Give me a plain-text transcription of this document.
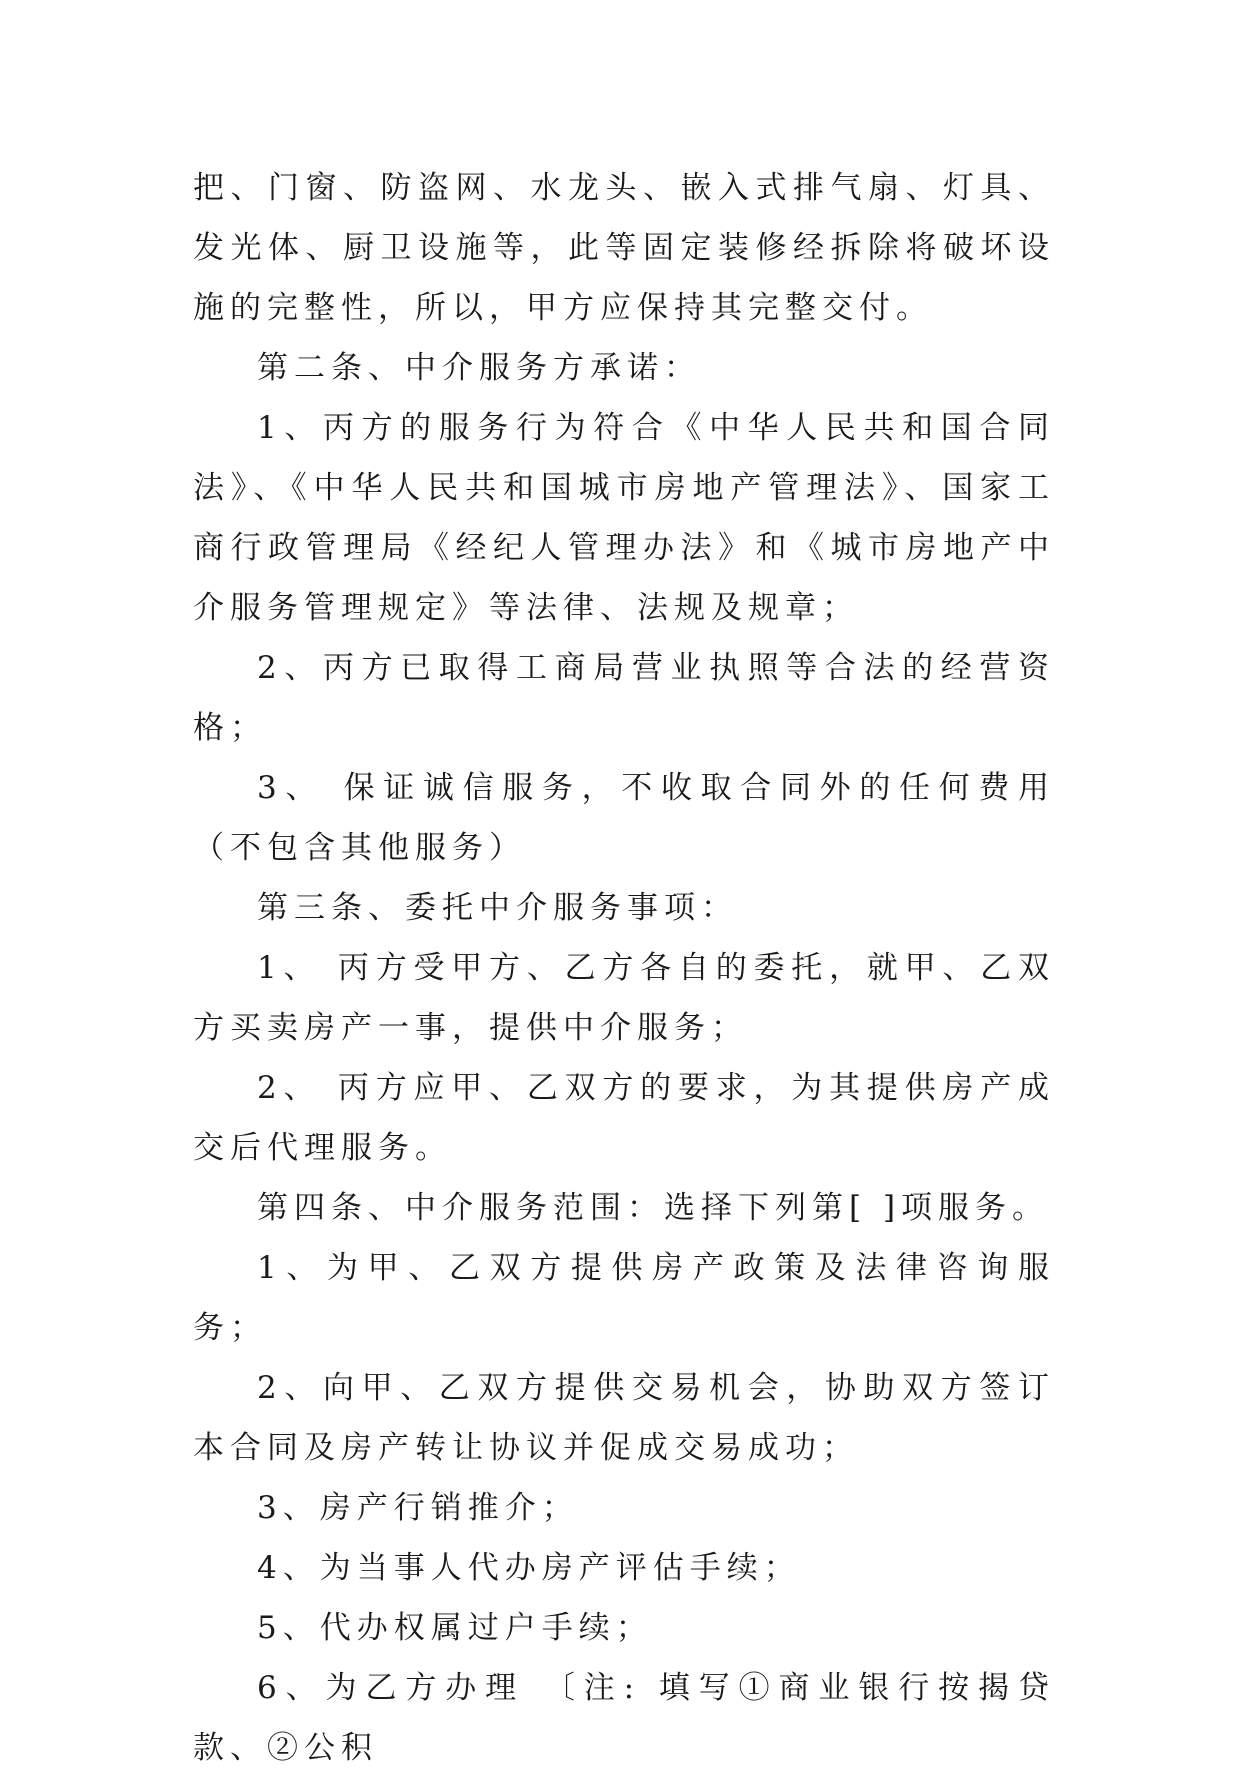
把、门窗、防盗网、水龙头、嵌入式排气扇、灯具、发光体、厨卫设施等，此等固定装修经拆除将破坏设施的完整性，所以，甲方应保持其完整交付。

第二条、中介服务方承诺：

1、丙方的服务行为符合《中华人民共和国合同法》、《中华人民共和国城市房地产管理法》、国家工商行政管理局《经纪人管理办法》和《城市房地产中介服务管理规定》等法律、法规及规章；

2、丙方已取得工商局营业执照等合法的经营资格；

3、 保证诚信服务，不收取合同外的任何费用（不包含其他服务）

第三条、委托中介服务事项：

1、 丙方受甲方、乙方各自的委托，就甲、乙双方买卖房产一事，提供中介服务；

2、 丙方应甲、乙双方的要求，为其提供房产成交后代理服务。

第四条、中介服务范围：选择下列第[ ]项服务。

1、为甲、乙双方提供房产政策及法律咨询服务；

2、向甲、乙双方提供交易机会，协助双方签订本合同及房产转让协议并促成交易成功；

3、房产行销推介；

4、为当事人代办房产评估手续；

5、代办权属过户手续；

6、为乙方办理 〔注: 填写①商业银行按揭贷款、②公积
